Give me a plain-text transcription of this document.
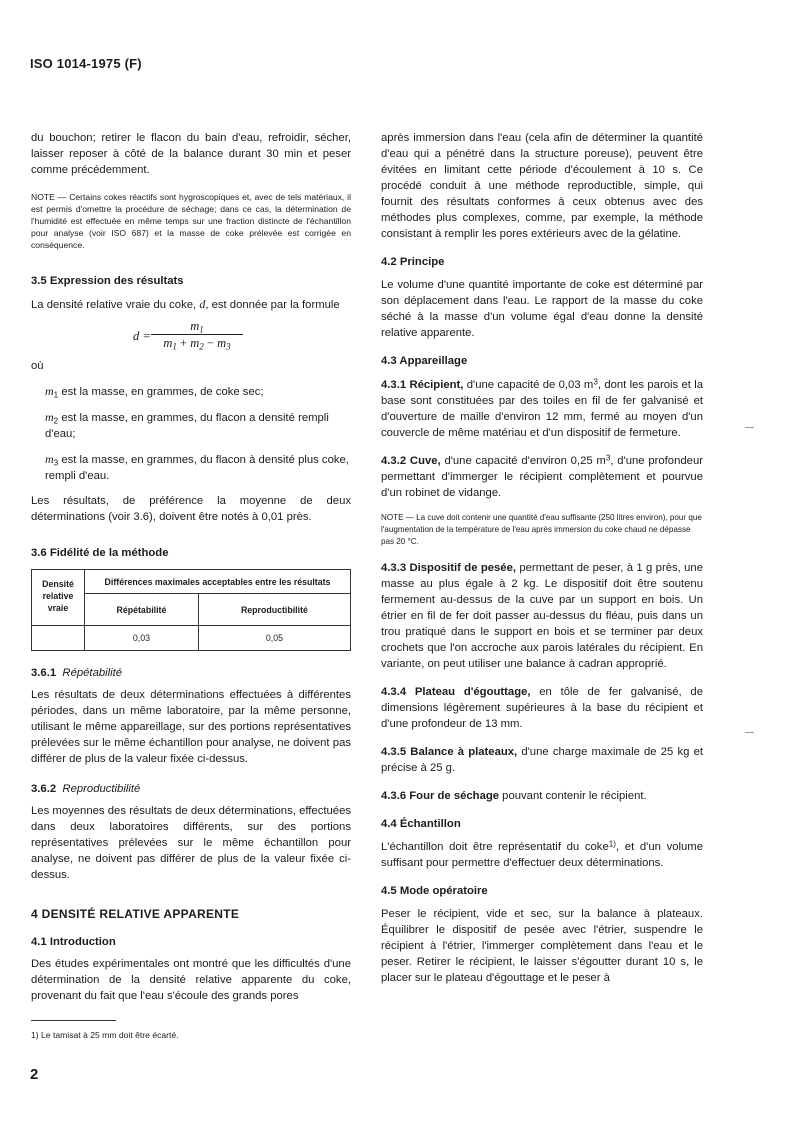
ISO 1014-1975 (F)

du bouchon; retirer le flacon du bain d'eau, refroidir, sécher, laisser reposer à côté de la balance durant 30 min et peser comme précédemment.

NOTE — Certains cokes réactifs sont hygroscopiques et, avec de tels matériaux, il est permis d'omettre la procédure de séchage; dans ce cas, la détermination de l'humidité est effectuée en même temps sur une fraction distincte de l'échantillon pour analyse (voir ISO 687) et la masse de coke prélevée est corrigée en conséquence.

3.5 Expression des résultats

La densité relative vraie du coke, d, est donnée par la formule

d =
$m_1$
$m_1 + m_2 - m_3$

où

$m_1$ est la masse, en grammes, de coke sec;

$m_2$ est la masse, en grammes, du flacon a densité rempli d'eau;

$m_3$ est la masse, en grammes, du flacon à densité plus coke, rempli d'eau.

Les résultats, de préférence la moyenne de deux déterminations (voir 3.6), doivent être notés à 0,01 près.

3.6 Fidélité de la méthode
Densité relative vraie	Différences maximales acceptables entre les résultats	
	Répétabilité	Reproductibilité
	0,03	0,05
3.6.1 Répétabilité

Les résultats de deux déterminations effectuées à différentes périodes, dans un même laboratoire, par la même personne, utilisant le même appareillage, sur des portions représentatives prélevées sur le même échantillon pour analyse, ne doivent pas différer de plus de la valeur fixée ci-dessus.

3.6.2 Reproductibilité

Les moyennes des résultats de deux déterminations, effectuées dans deux laboratoires différents, sur des portions représentatives prélevées sur le même échantillon pour analyse, ne doivent pas différer de plus de la valeur fixée ci-dessus.

4 DENSITÉ RELATIVE APPARENTE
4.1 Introduction

Des études expérimentales ont montré que les difficultés d'une détermination de la densité relative apparente du coke, provenant du fait que l'eau s'écoule des grands pores

après immersion dans l'eau (cela afin de déterminer la quantité d'eau qui a pénétré dans la structure poreuse), peuvent être évitées en limitant cette période d'écoulement à 10 s. Ce procédé conduit à une méthode reproductible, simple, qui fournit des résultats conformes à ceux obtenus avec des méthodes plus complexes, comme, par exemple, la méthode consistant à remplir les pores extérieurs avec de la gélatine.

4.2 Principe

Le volume d'une quantité importante de coke est déterminé par son déplacement dans l'eau. Le rapport de la masse du coke séché à la masse d'un volume égal d'eau donne la densité relative apparente.

4.3 Appareillage

4.3.1 Récipient, d'une capacité de 0,03 $m^3$, dont les parois et la base sont constituées par des toiles en fil de fer galvanisé et d'ouverture de maille d'environ 12 mm, fermé au moyen d'un couvercle de même matériau et d'un dispositif de fermeture.

4.3.2 Cuve, d'une capacité d'environ 0,25 $m^3$, d'une profondeur permettant d'immerger le récipient complètement et pourvue d'un robinet de vidange.

NOTE — La cuve doit contenir une quantité d'eau suffisante (250 litres environ), pour que l'augmentation de la température de l'eau après immersion du coke chaud ne dépasse pas 20 °C.

4.3.3 Dispositif de pesée, permettant de peser, à 1 g près, une masse au plus égale à 2 kg. Le dispositif doit être soutenu fermement au-dessus de la cuve par un support en bois. Un étrier en fil de fer doit passer au-dessus du fléau, puis dans un trou pratiqué dans le support en bois et se terminer par deux crochets que l'on accroche aux parois latérales du récipient. En variante, on peut utiliser une balance à cadran approprié.

4.3.4 Plateau d'égouttage, en tôle de fer galvanisé, de dimensions légèrement supérieures à la base du récipient et d'une profondeur de 13 mm.

4.3.5 Balance à plateaux, d'une charge maximale de 25 kg et précise à 25 g.

4.3.6 Four de séchage pouvant contenir le récipient.

4.4 Échantillon

L'échantillon doit être représentatif du coke$^{1)}$, et d'un volume suffisant pour permettre d'effectuer deux déterminations.

4.5 Mode opératoire

Peser le récipient, vide et sec, sur la balance à plateaux. Équilibrer le dispositif de pesée avec l'étrier, suspendre le récipient à l'étrier, l'immerger complètement dans l'eau et le peser. Retirer le récipient, le laisser s'égoutter durant 10 s, le placer sur le plateau d'égouttage et le peser à

1) Le tamisat à 25 mm doit être écarté.
2
